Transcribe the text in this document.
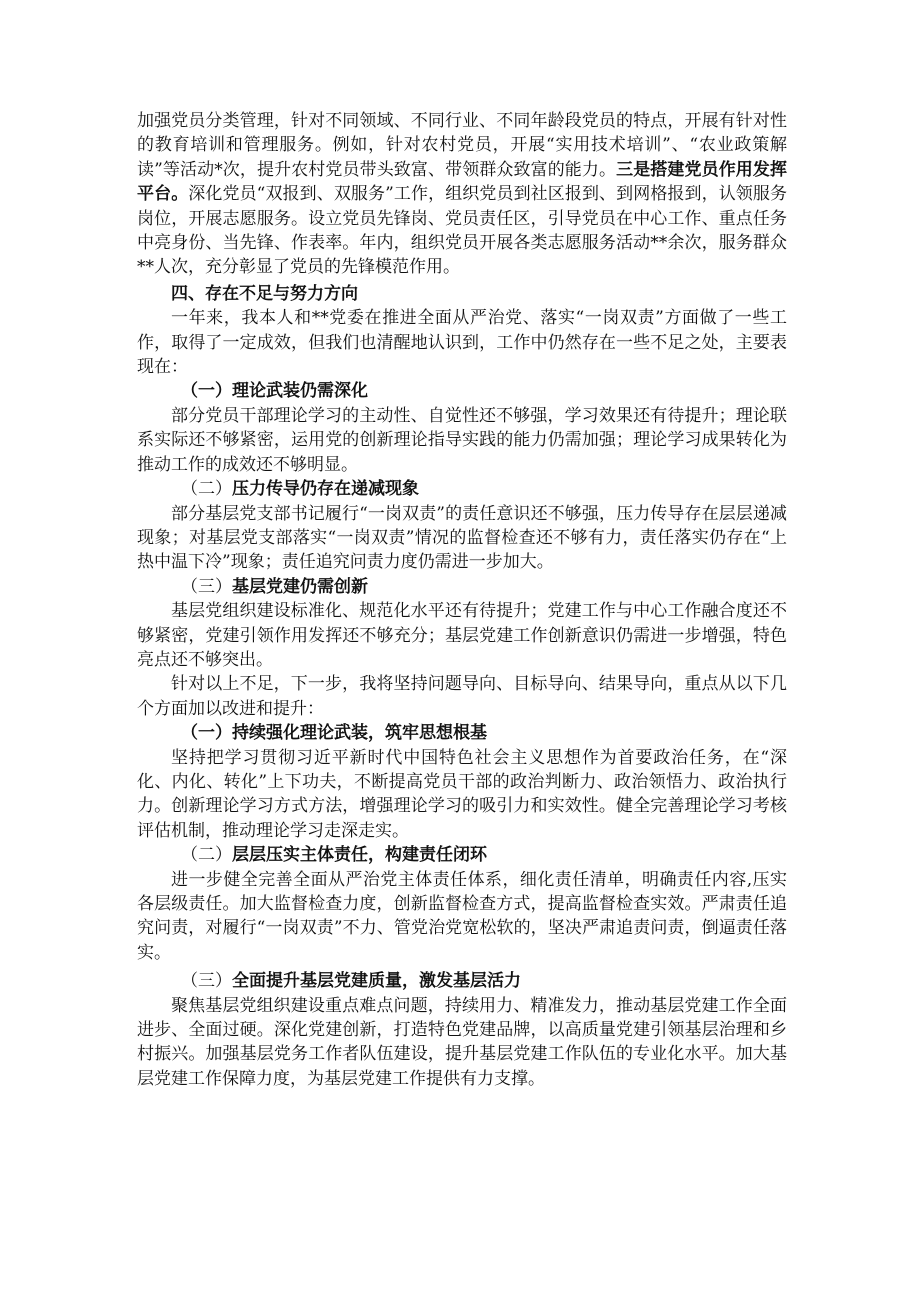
加强党员分类管理，针对不同领域、不同行业、不同年龄段党员的特点，开展有针对性的教育培训和管理服务。例如，针对农村党员，开展“实用技术培训”、“农业政策解读”等活动*次，提升农村党员带头致富、带领群众致富的能力。三是搭建党员作用发挥平台。深化党员“双报到、双服务”工作，组织党员到社区报到、到网格报到，认领服务岗位，开展志愿服务。设立党员先锋岗、党员责任区，引导党员在中心工作、重点任务中亮身份、当先锋、作表率。年内，组织党员开展各类志愿服务活动**余次，服务群众**人次，充分彰显了党员的先锋模范作用。

四、存在不足与努力方向

一年来，我本人和**党委在推进全面从严治党、落实“一岗双责”方面做了一些工作，取得了一定成效，但我们也清醒地认识到，工作中仍然存在一些不足之处，主要表现在：

（一）理论武装仍需深化

部分党员干部理论学习的主动性、自觉性还不够强，学习效果还有待提升；理论联系实际还不够紧密，运用党的创新理论指导实践的能力仍需加强；理论学习成果转化为推动工作的成效还不够明显。

（二）压力传导仍存在递减现象

部分基层党支部书记履行“一岗双责”的责任意识还不够强，压力传导存在层层递减现象；对基层党支部落实“一岗双责”情况的监督检查还不够有力，责任落实仍存在“上热中温下冷”现象；责任追究问责力度仍需进一步加大。

（三）基层党建仍需创新

基层党组织建设标准化、规范化水平还有待提升；党建工作与中心工作融合度还不够紧密，党建引领作用发挥还不够充分；基层党建工作创新意识仍需进一步增强，特色亮点还不够突出。

针对以上不足，下一步，我将坚持问题导向、目标导向、结果导向，重点从以下几个方面加以改进和提升：

（一）持续强化理论武装，筑牢思想根基

坚持把学习贯彻习近平新时代中国特色社会主义思想作为首要政治任务，在“深化、内化、转化”上下功夫，不断提高党员干部的政治判断力、政治领悟力、政治执行力。创新理论学习方式方法，增强理论学习的吸引力和实效性。健全完善理论学习考核评估机制，推动理论学习走深走实。

（二）层层压实主体责任，构建责任闭环

进一步健全完善全面从严治党主体责任体系，细化责任清单，明确责任内容,压实各层级责任。加大监督检查力度，创新监督检查方式，提高监督检查实效。严肃责任追究问责，对履行“一岗双责”不力、管党治党宽松软的，坚决严肃追责问责，倒逼责任落实。

（三）全面提升基层党建质量，激发基层活力

聚焦基层党组织建设重点难点问题，持续用力、精准发力，推动基层党建工作全面进步、全面过硬。深化党建创新，打造特色党建品牌，以高质量党建引领基层治理和乡村振兴。加强基层党务工作者队伍建设，提升基层党建工作队伍的专业化水平。加大基层党建工作保障力度，为基层党建工作提供有力支撑。
